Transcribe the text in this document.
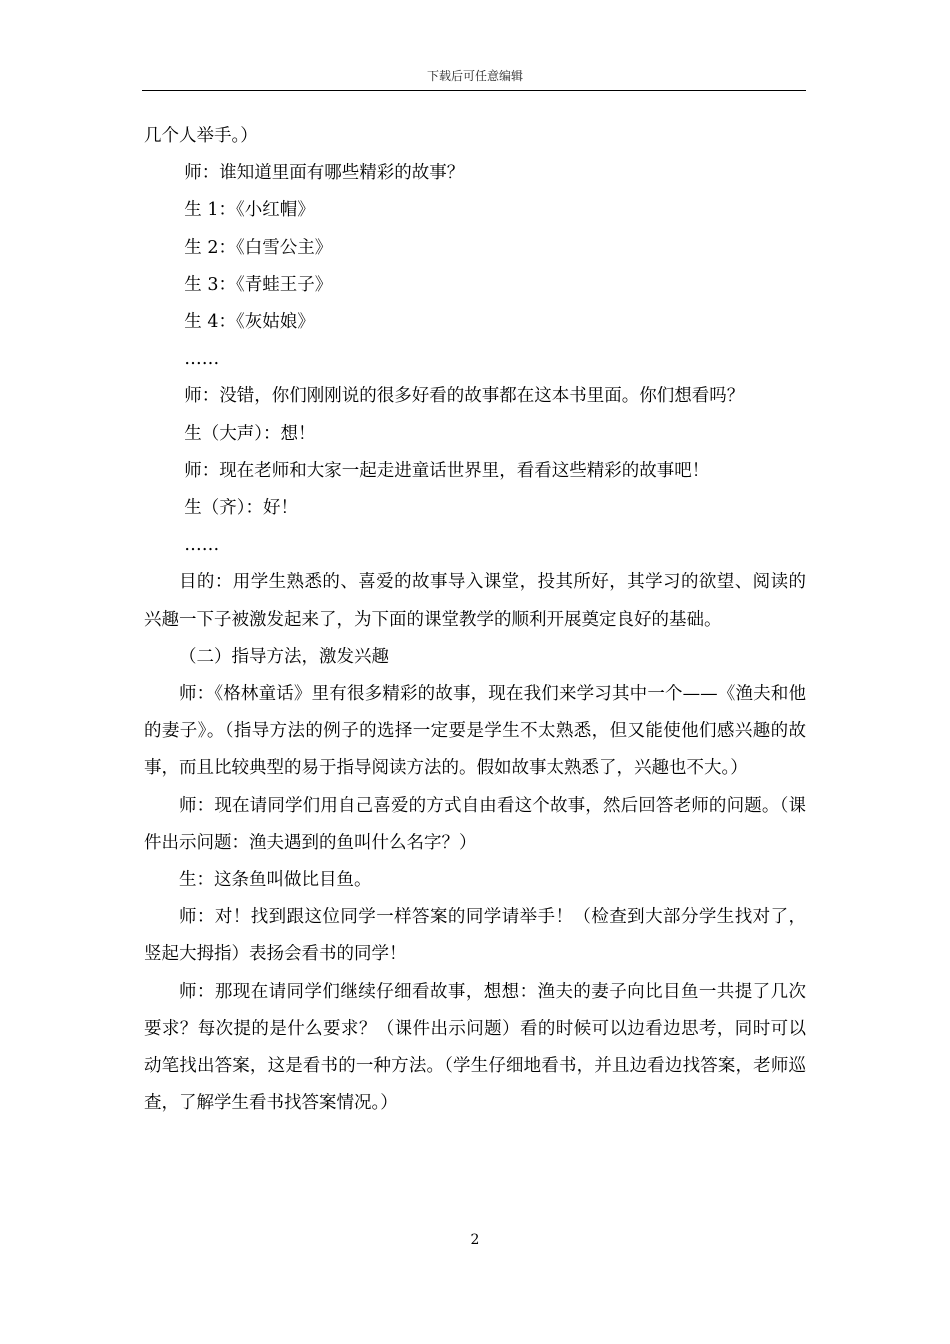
下载后可任意编辑

几个人举手。）

师：谁知道里面有哪些精彩的故事？

生 1：《小红帽》

生 2：《白雪公主》

生 3：《青蛙王子》

生 4：《灰姑娘》

……

师：没错，你们刚刚说的很多好看的故事都在这本书里面。你们想看吗？

生（大声）：想！

师：现在老师和大家一起走进童话世界里，看看这些精彩的故事吧！

生（齐）：好！

……

目的：用学生熟悉的、喜爱的故事导入课堂，投其所好，其学习的欲望、阅读的兴趣一下子被激发起来了，为下面的课堂教学的顺利开展奠定良好的基础。

（二）指导方法，激发兴趣

师：《格林童话》里有很多精彩的故事，现在我们来学习其中一个——《渔夫和他的妻子》。（指导方法的例子的选择一定要是学生不太熟悉，但又能使他们感兴趣的故事，而且比较典型的易于指导阅读方法的。假如故事太熟悉了，兴趣也不大。）

师：现在请同学们用自己喜爱的方式自由看这个故事，然后回答老师的问题。（课件出示问题：渔夫遇到的鱼叫什么名字？）

生：这条鱼叫做比目鱼。

师：对！找到跟这位同学一样答案的同学请举手！（检查到大部分学生找对了，竖起大拇指）表扬会看书的同学！

师：那现在请同学们继续仔细看故事，想想：渔夫的妻子向比目鱼一共提了几次要求？每次提的是什么要求？（课件出示问题）看的时候可以边看边思考，同时可以动笔找出答案，这是看书的一种方法。（学生仔细地看书，并且边看边找答案，老师巡查，了解学生看书找答案情况。）

2
